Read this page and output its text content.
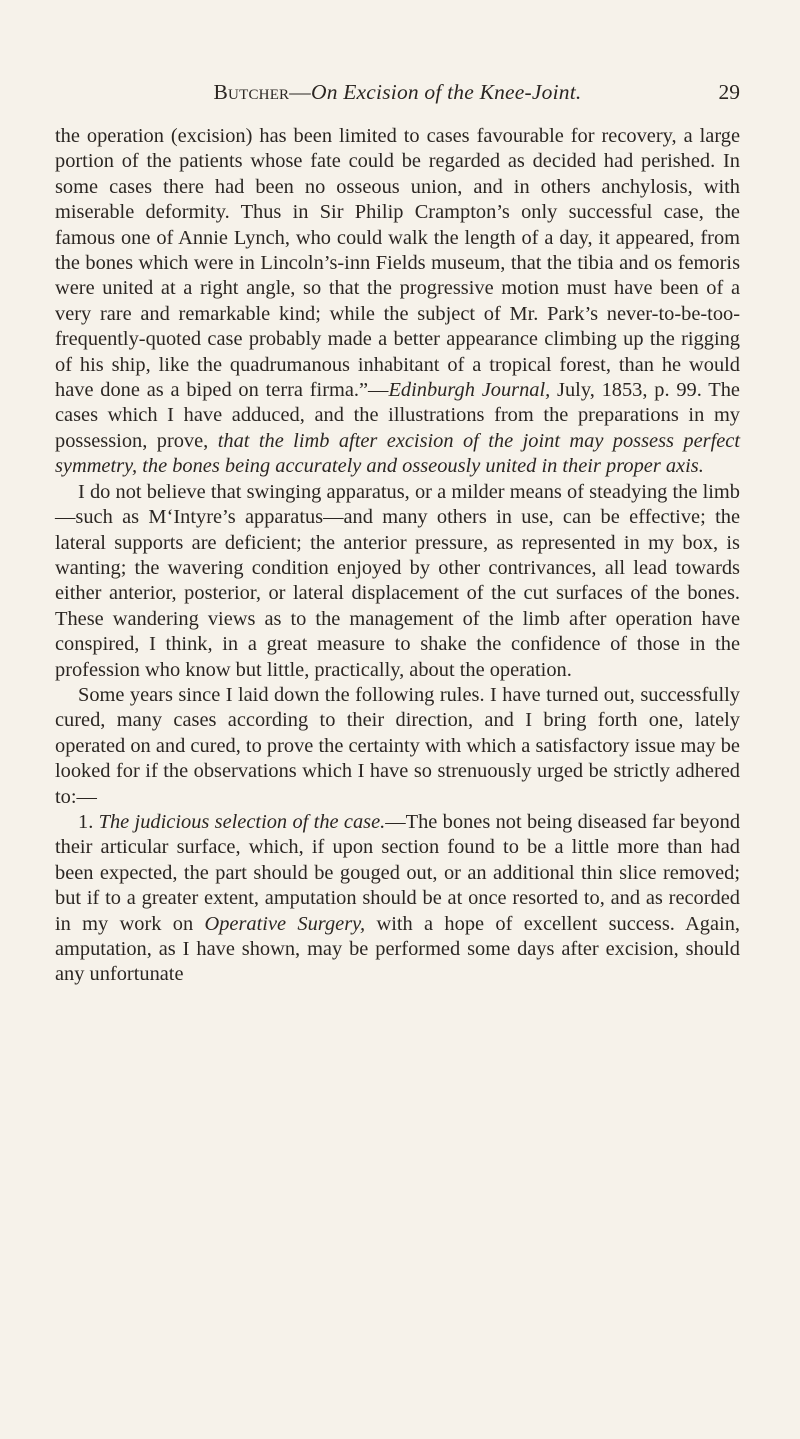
Butcher—On Excision of the Knee-Joint.	29

the operation (excision) has been limited to cases favourable for recovery, a large portion of the patients whose fate could be regarded as decided had perished. In some cases there had been no osseous union, and in others anchylosis, with miserable deformity. Thus in Sir Philip Crampton’s only successful case, the famous one of Annie Lynch, who could walk the length of a day, it appeared, from the bones which were in Lincoln’s-inn Fields museum, that the tibia and os femoris were united at a right angle, so that the progressive motion must have been of a very rare and remarkable kind; while the subject of Mr. Park’s never-to-be-too-frequently-quoted case probably made a better appearance climbing up the rigging of his ship, like the quadrumanous inhabitant of a tropical forest, than he would have done as a biped on terra firma.”—Edinburgh Journal, July, 1853, p. 99. The cases which I have adduced, and the illustrations from the preparations in my possession, prove, that the limb after excision of the joint may possess perfect symmetry, the bones being accurately and osseously united in their proper axis.

I do not believe that swinging apparatus, or a milder means of steadying the limb—such as M‘Intyre’s apparatus—and many others in use, can be effective; the lateral supports are deficient; the anterior pressure, as represented in my box, is wanting; the wavering condition enjoyed by other contrivances, all lead towards either anterior, posterior, or lateral displacement of the cut surfaces of the bones. These wandering views as to the management of the limb after operation have conspired, I think, in a great measure to shake the confidence of those in the profession who know but little, practically, about the operation.

Some years since I laid down the following rules. I have turned out, successfully cured, many cases according to their direction, and I bring forth one, lately operated on and cured, to prove the certainty with which a satisfactory issue may be looked for if the observations which I have so strenuously urged be strictly adhered to:—

1. The judicious selection of the case.—The bones not being diseased far beyond their articular surface, which, if upon section found to be a little more than had been expected, the part should be gouged out, or an additional thin slice removed; but if to a greater extent, amputation should be at once resorted to, and as recorded in my work on Operative Surgery, with a hope of excellent success. Again, amputation, as I have shown, may be performed some days after excision, should any unfortunate
